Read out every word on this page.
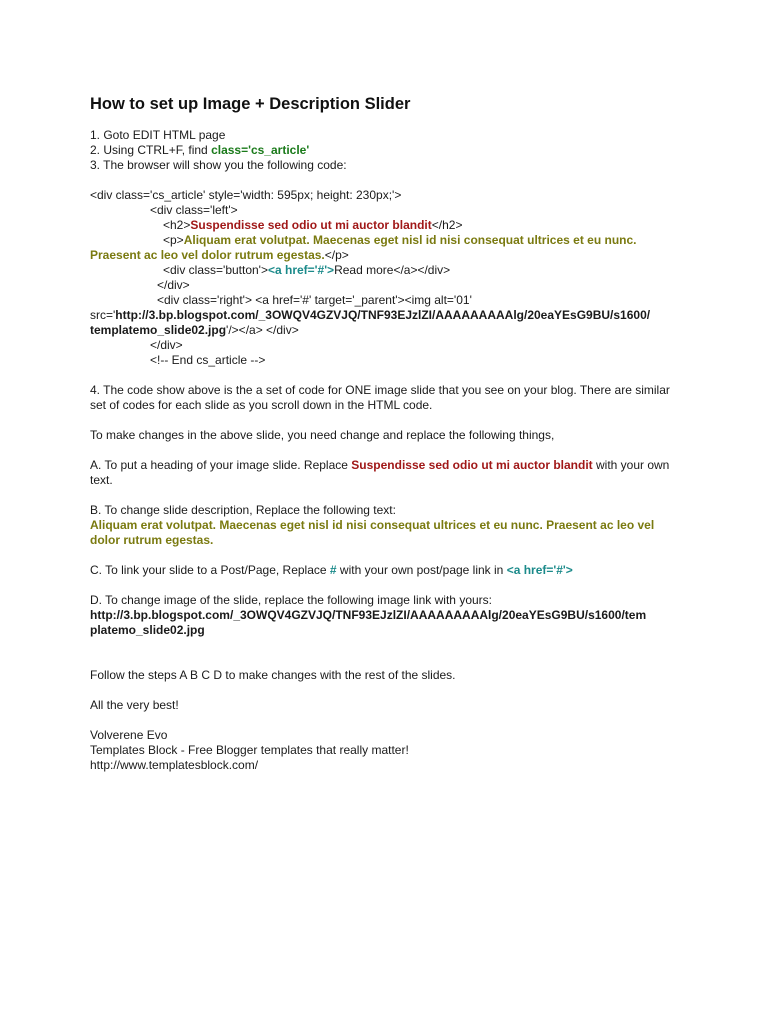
How to set up Image + Description Slider
1. Goto EDIT HTML page
2. Using CTRL+F, find class='cs_article'
3. The browser will show you the following code:
<div class='cs_article' style='width: 595px; height: 230px;'>
<div class='left'>
<h2>Suspendisse sed odio ut mi auctor blandit</h2>
<p>Aliquam erat volutpat. Maecenas eget nisl id nisi consequat ultrices et eu nunc.
Praesent ac leo vel dolor rutrum egestas.</p>
<div class='button'><a href='#'>Read more</a></div>
</div>
<div class='right'> <a href='#' target='_parent'><img alt='01'
src='http://3.bp.blogspot.com/_3OWQV4GZVJQ/TNF93EJzlZI/AAAAAAAAAlg/20eaYEsG9BU/s1600/
templatemo_slide02.jpg'/></a> </div>
</div>
<!-- End cs_article -->
4. The code show above is the a set of code for ONE image slide that you see on your blog. There are similar set of codes for each slide as you scroll down in the HTML code.
To make changes in the above slide, you need change and replace the following things,
A. To put a heading of your image slide. Replace Suspendisse sed odio ut mi auctor blandit with your own text.
B. To change slide description, Replace the following text:
Aliquam erat volutpat. Maecenas eget nisl id nisi consequat ultrices et eu nunc. Praesent ac leo vel dolor rutrum egestas.
C. To link your slide to a Post/Page, Replace # with your own post/page link in <a href='#'>
D. To change image of the slide, replace the following image link with yours:
http://3.bp.blogspot.com/_3OWQV4GZVJQ/TNF93EJzlZI/AAAAAAAAAlg/20eaYEsG9BU/s1600/tem
platemo_slide02.jpg
Follow the steps A B C D to make changes with the rest of the slides.
All the very best!
Volverene Evo
Templates Block - Free Blogger templates that really matter!
http://www.templatesblock.com/
